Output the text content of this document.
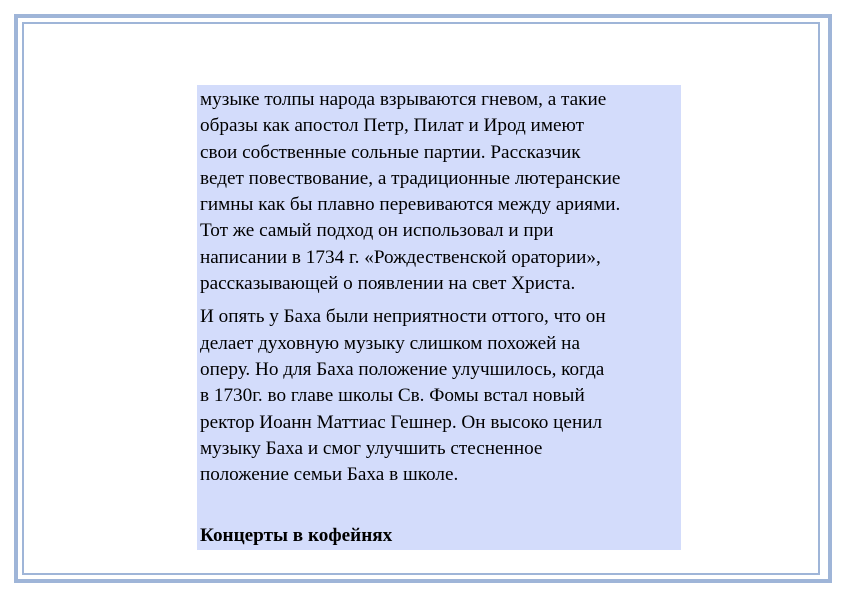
музыке толпы народа взрываются гневом, а такие
образы как апостол Петр, Пилат и Ирод имеют
свои собственные сольные партии. Рассказчик
ведет повествование, а традиционные лютеранские
гимны как бы плавно перевиваются между ариями.
Тот же самый подход он использовал и при
написании в 1734 г. «Рождественской оратории»,
рассказывающей о появлении на свет Христа.

И опять у Баха были неприятности оттого, что он
делает духовную музыку слишком похожей на
оперу. Но для Баха положение улучшилось, когда
в 1730г. во главе школы Св. Фомы встал новый
ректор Иоанн Маттиас Гешнер. Он высоко ценил
музыку Баха и смог улучшить стесненное
положение семьи Баха в школе.

Концерты в кофейнях
